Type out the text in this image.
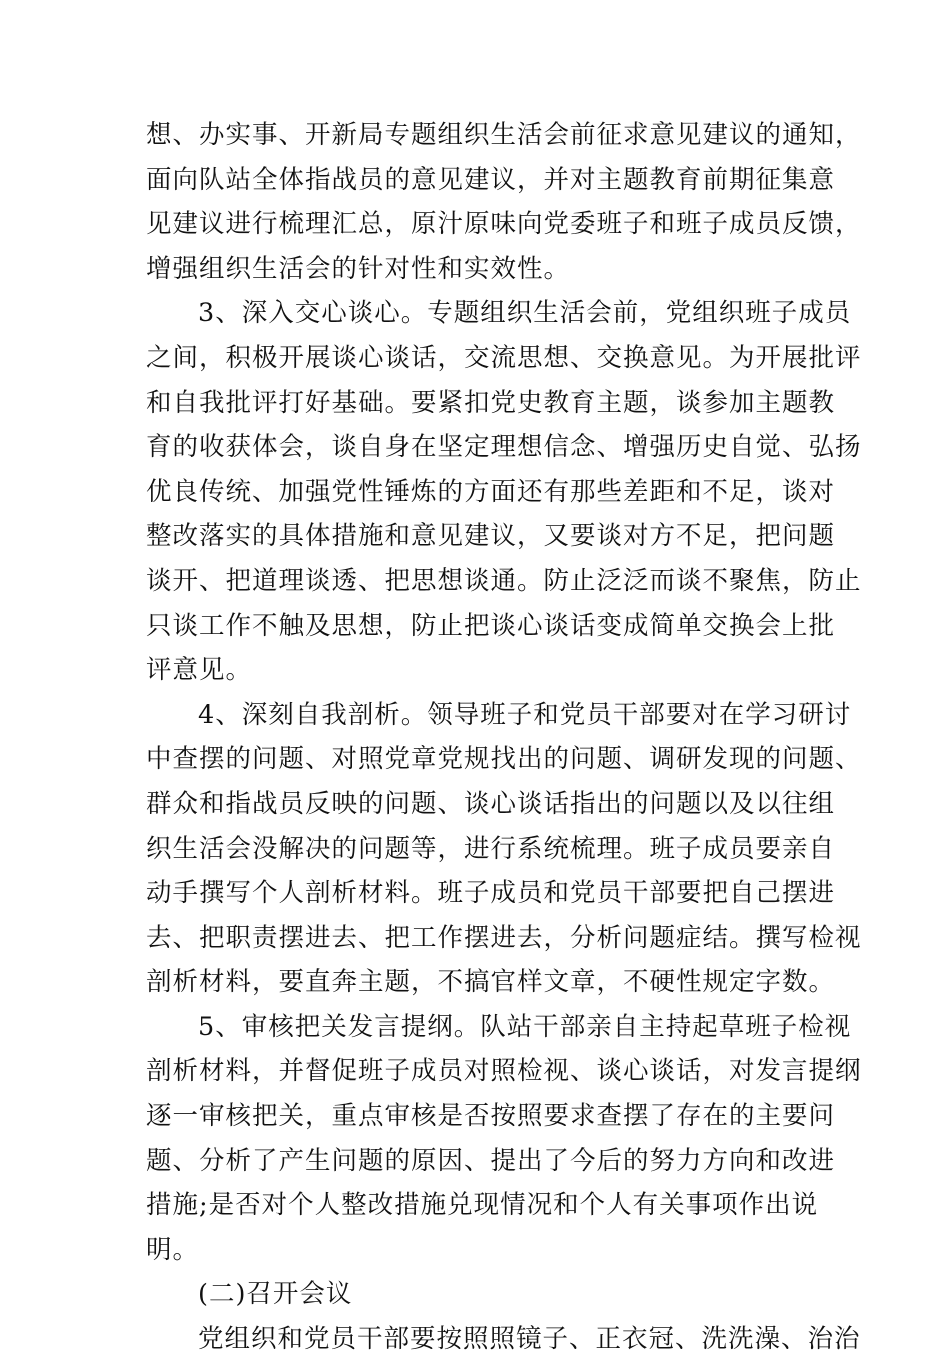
想、办实事、开新局专题组织生活会前征求意见建议的通知，
面向队站全体指战员的意见建议，并对主题教育前期征集意
见建议进行梳理汇总，原汁原味向党委班子和班子成员反馈，
增强组织生活会的针对性和实效性。
3、深入交心谈心。专题组织生活会前，党组织班子成员
之间，积极开展谈心谈话，交流思想、交换意见。为开展批评
和自我批评打好基础。要紧扣党史教育主题，谈参加主题教
育的收获体会，谈自身在坚定理想信念、增强历史自觉、弘扬
优良传统、加强党性锤炼的方面还有那些差距和不足，谈对
整改落实的具体措施和意见建议，又要谈对方不足，把问题
谈开、把道理谈透、把思想谈通。防止泛泛而谈不聚焦，防止
只谈工作不触及思想，防止把谈心谈话变成简单交换会上批
评意见。
4、深刻自我剖析。领导班子和党员干部要对在学习研讨
中查摆的问题、对照党章党规找出的问题、调研发现的问题、
群众和指战员反映的问题、谈心谈话指出的问题以及以往组
织生活会没解决的问题等，进行系统梳理。班子成员要亲自
动手撰写个人剖析材料。班子成员和党员干部要把自己摆进
去、把职责摆进去、把工作摆进去，分析问题症结。撰写检视
剖析材料，要直奔主题，不搞官样文章，不硬性规定字数。
5、审核把关发言提纲。队站干部亲自主持起草班子检视
剖析材料，并督促班子成员对照检视、谈心谈话，对发言提纲
逐一审核把关，重点审核是否按照要求查摆了存在的主要问
题、分析了产生问题的原因、提出了今后的努力方向和改进
措施;是否对个人整改措施兑现情况和个人有关事项作出说
明。
(二)召开会议
党组织和党员干部要按照照镜子、正衣冠、洗洗澡、治治
